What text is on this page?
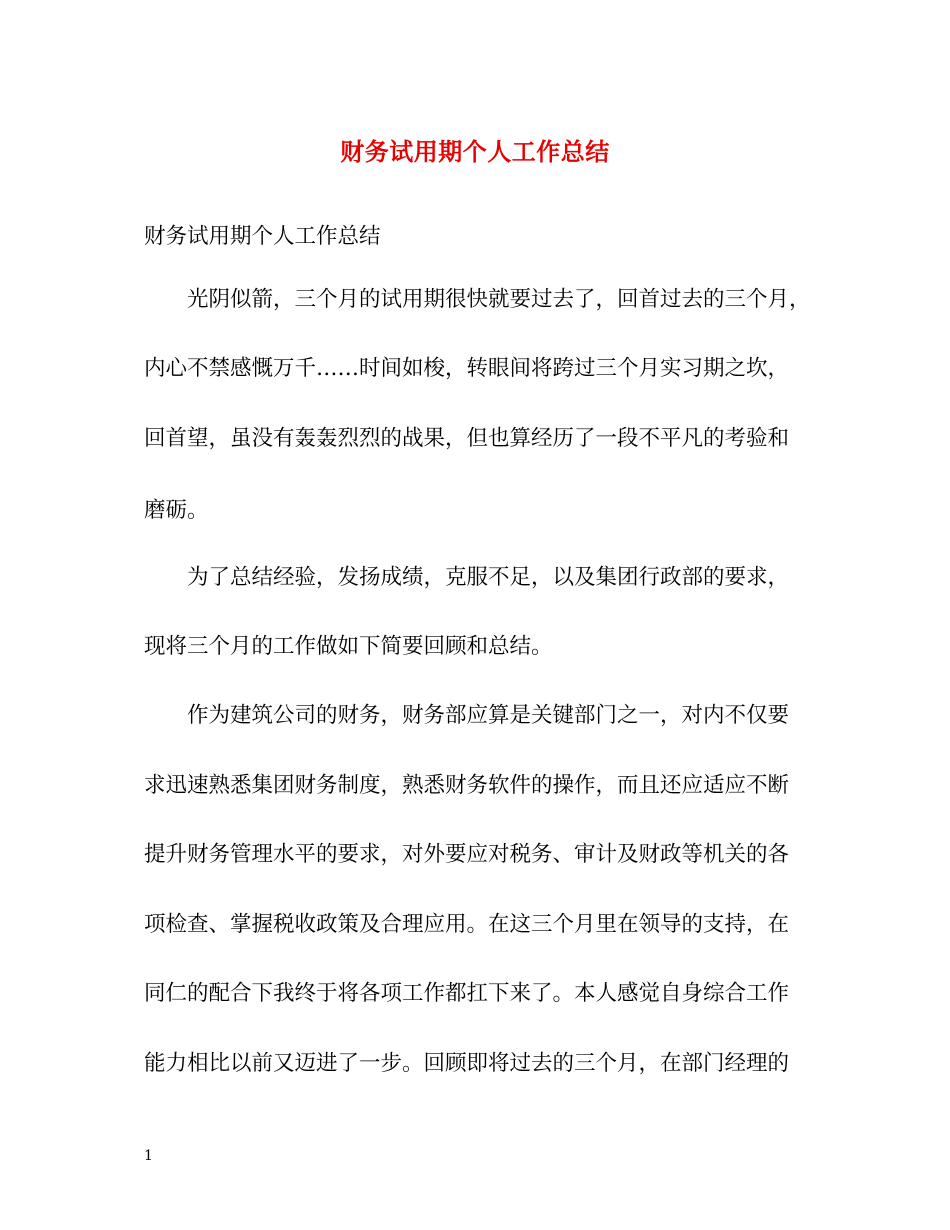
财务试用期个人工作总结
财务试用期个人工作总结
光阴似箭，三个月的试用期很快就要过去了，回首过去的三个月，
内心不禁感慨万千……时间如梭，转眼间将跨过三个月实习期之坎，
回首望，虽没有轰轰烈烈的战果，但也算经历了一段不平凡的考验和
磨砺。
为了总结经验，发扬成绩，克服不足，以及集团行政部的要求，
现将三个月的工作做如下简要回顾和总结。
作为建筑公司的财务，财务部应算是关键部门之一，对内不仅要
求迅速熟悉集团财务制度，熟悉财务软件的操作，而且还应适应不断
提升财务管理水平的要求，对外要应对税务、审计及财政等机关的各
项检查、掌握税收政策及合理应用。在这三个月里在领导的支持，在
同仁的配合下我终于将各项工作都扛下来了。本人感觉自身综合工作
能力相比以前又迈进了一步。回顾即将过去的三个月，在部门经理的
1
